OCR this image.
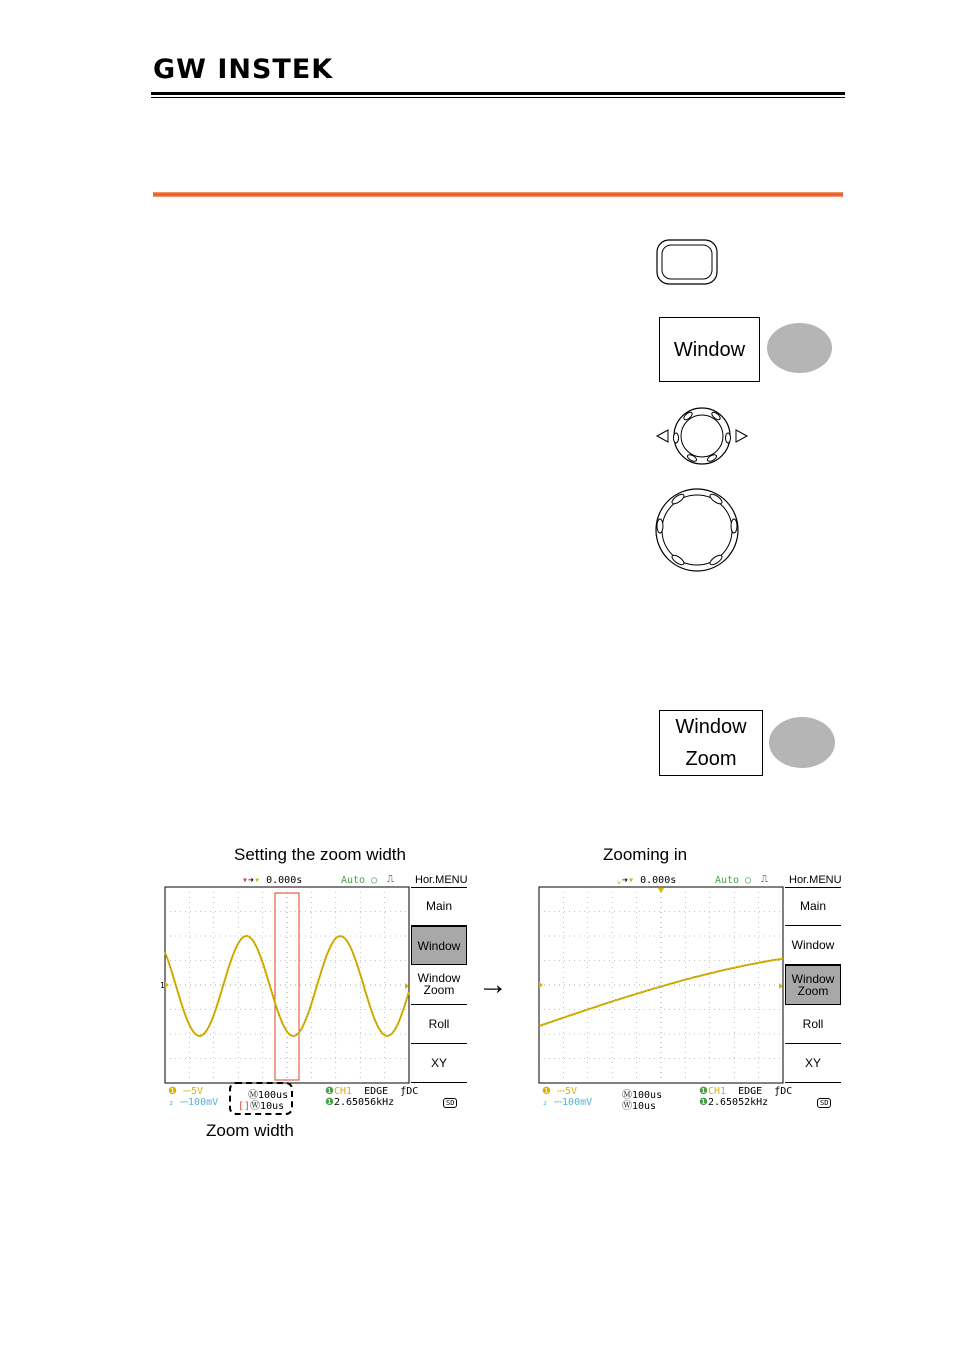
GW INSTEK
Window
Window
Zoom
Setting the zoom width	Zooming in
Zoom width
→
1
▾➔▾ 0.000s	Auto ○ ⎍ Hor.MENU
Main
Window
Window Zoom
Roll
XY
❶ ⎓5V
₂ ⎓100mV
Ⓜ100us
[]Ⓦ10us
❶CH1 EDGE ƒDC
❶2.65056kHz	SD
⌄➔▾ 0.000s	Auto ○ ⎍ Hor.MENU
Main
Window
Window Zoom
Roll
XY
❶ ⎓5V
₂ ⎓100mV
Ⓜ100us
Ⓦ10us
❶CH1 EDGE ƒDC
❶2.65052kHz	SD
